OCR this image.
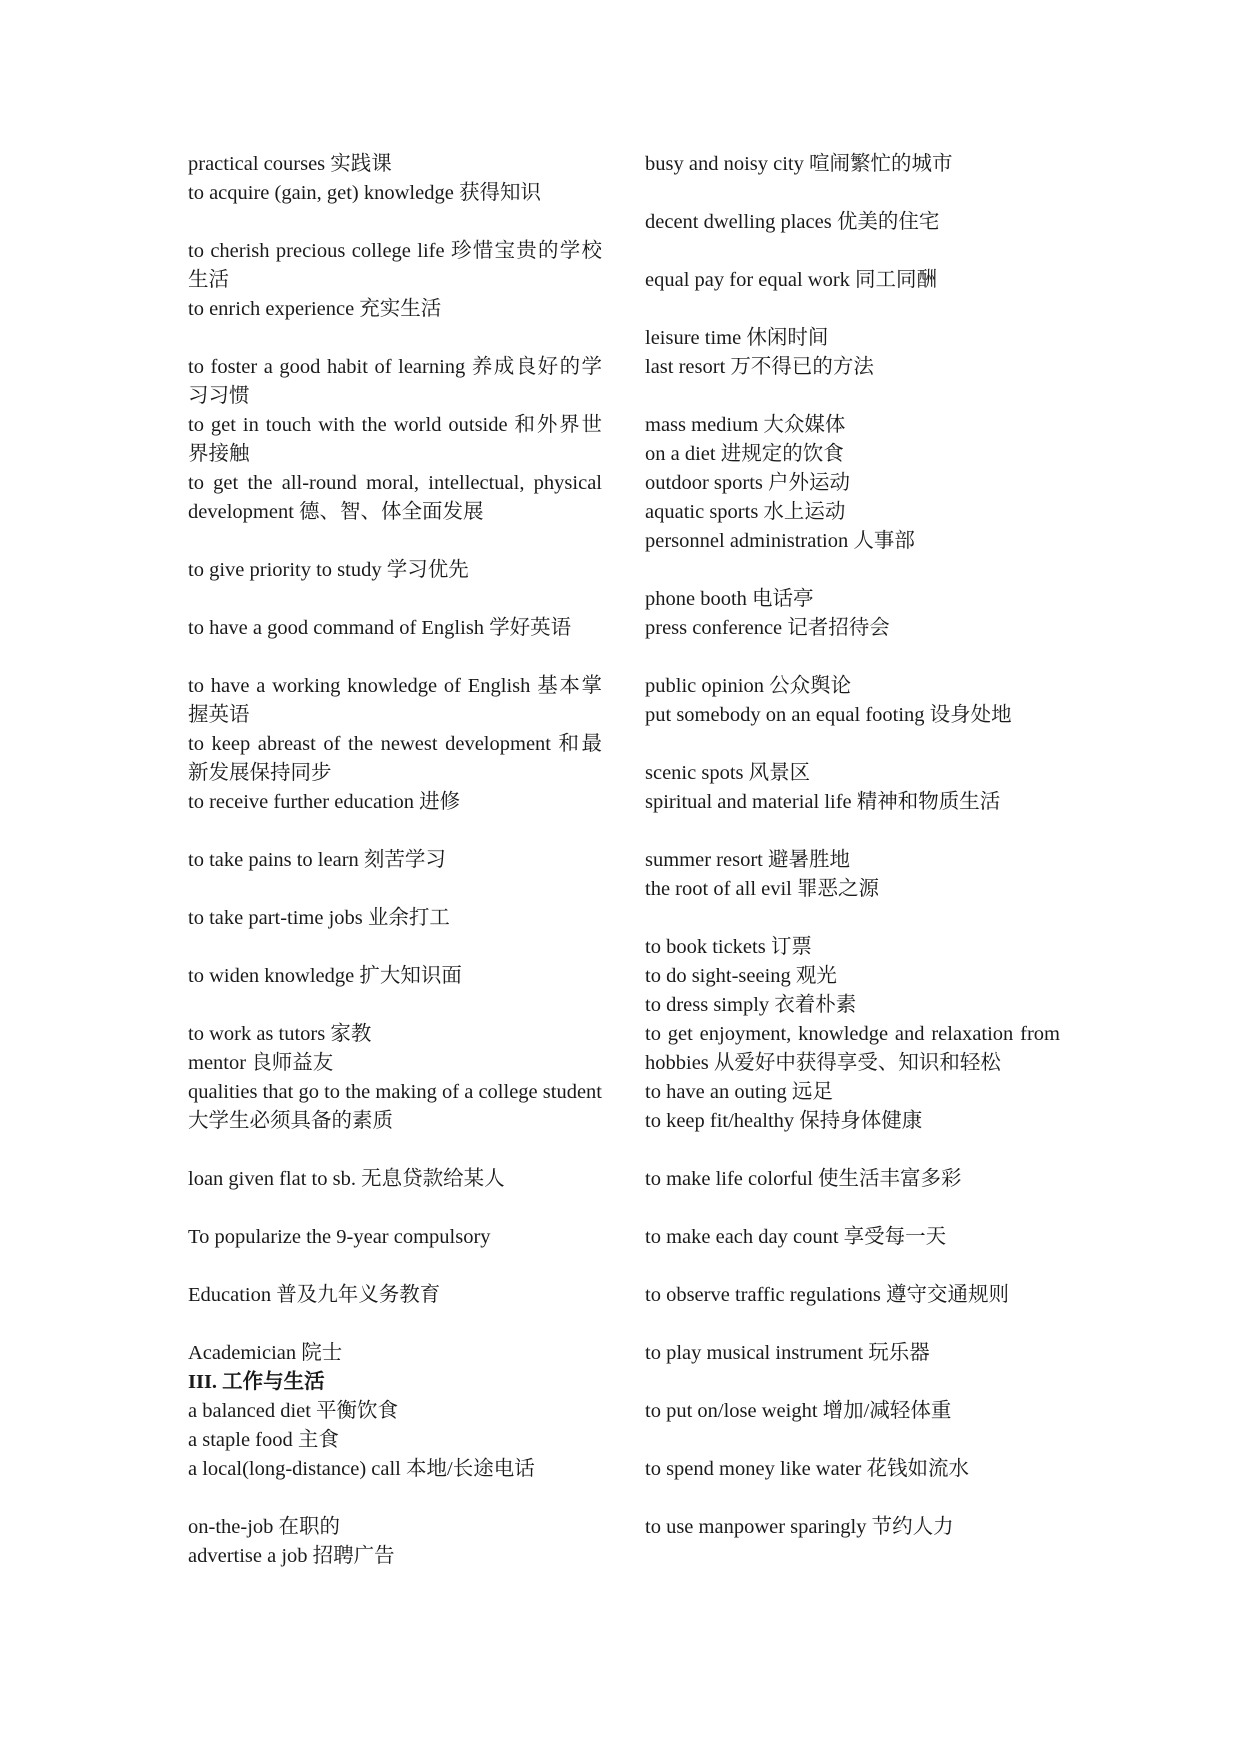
practical courses 实践课
to acquire (gain, get) knowledge 获得知识
to cherish precious college life 珍惜宝贵的学校生活
to enrich experience 充实生活
to foster a good habit of learning 养成良好的学习习惯
to get in touch with the world outside 和外界世界接触
to get the all-round moral, intellectual, physical development 德、智、体全面发展
to give priority to study 学习优先
to have a good command of English 学好英语
to have a working knowledge of English 基本掌握英语
to keep abreast of the newest development 和最新发展保持同步
to receive further education 进修
to take pains to learn 刻苦学习
to take part-time jobs 业余打工
to widen knowledge 扩大知识面
to work as tutors 家教
mentor 良师益友
qualities that go to the making of a college student 大学生必须具备的素质
loan given flat to sb. 无息贷款给某人
To popularize the 9-year compulsory
Education 普及九年义务教育
Academician 院士
III. 工作与生活
a balanced diet 平衡饮食
a staple food 主食
a local(long-distance) call 本地/长途电话
on-the-job 在职的
advertise a job 招聘广告
busy and noisy city 喧闹繁忙的城市
decent dwelling places 优美的住宅
equal pay for equal work 同工同酬
leisure time 休闲时间
last resort 万不得已的方法
mass medium 大众媒体
on a diet 进规定的饮食
outdoor sports 户外运动
aquatic sports 水上运动
personnel administration 人事部
phone booth 电话亭
press conference 记者招待会
public opinion 公众舆论
put somebody on an equal footing 设身处地
scenic spots 风景区
spiritual and material life 精神和物质生活
summer resort 避暑胜地
the root of all evil 罪恶之源
to book tickets 订票
to do sight-seeing 观光
to dress simply 衣着朴素
to get enjoyment, knowledge and relaxation from hobbies 从爱好中获得享受、知识和轻松
to have an outing 远足
to keep fit/healthy 保持身体健康
to make life colorful 使生活丰富多彩
to make each day count 享受每一天
to observe traffic regulations 遵守交通规则
to play musical instrument 玩乐器
to put on/lose weight 增加/减轻体重
to spend money like water 花钱如流水
to use manpower sparingly 节约人力
